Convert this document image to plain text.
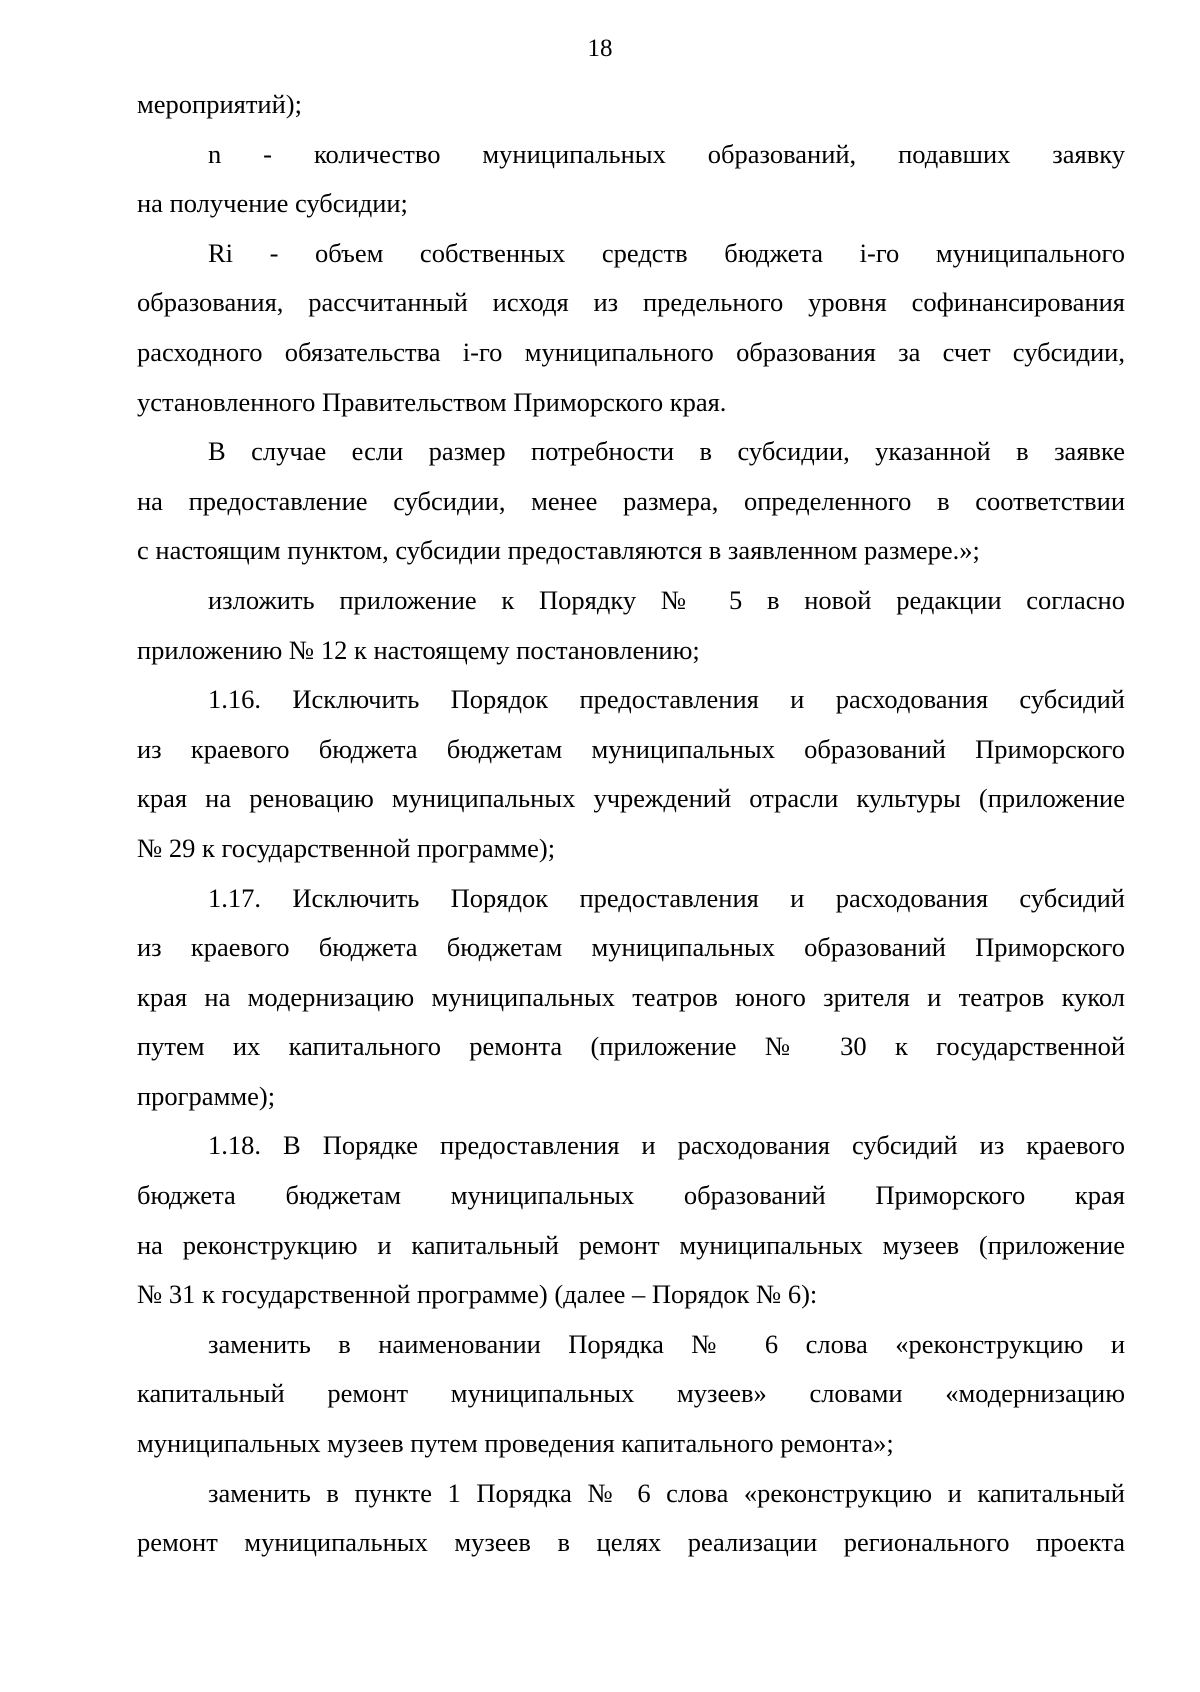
18

мероприятий);

n - количество муниципальных образований, подавших заявку
на получение субсидии;

Ri - объем собственных средств бюджета i-го муниципального
образования, рассчитанный исходя из предельного уровня софинансирования
расходного обязательства i-го муниципального образования за счет субсидии,
установленного Правительством Приморского края.

В случае если размер потребности в субсидии, указанной в заявке
на предоставление субсидии, менее размера, определенного в соответствии
с настоящим пунктом, субсидии предоставляются в заявленном размере.»;

изложить приложение к Порядку № 5 в новой редакции согласно
приложению № 12 к настоящему постановлению;

1.16. Исключить Порядок предоставления и расходования субсидий
из краевого бюджета бюджетам муниципальных образований Приморского
края на реновацию муниципальных учреждений отрасли культуры (приложение
№ 29 к государственной программе);

1.17. Исключить Порядок предоставления и расходования субсидий
из краевого бюджета бюджетам муниципальных образований Приморского
края на модернизацию муниципальных театров юного зрителя и театров кукол
путем их капитального ремонта (приложение № 30 к государственной
программе);

1.18. В Порядке предоставления и расходования субсидий из краевого
бюджета бюджетам муниципальных образований Приморского края
на реконструкцию и капитальный ремонт муниципальных музеев (приложение
№ 31 к государственной программе) (далее – Порядок № 6):

заменить в наименовании Порядка № 6 слова «реконструкцию и
капитальный ремонт муниципальных музеев» словами «модернизацию
муниципальных музеев путем проведения капитального ремонта»;

заменить в пункте 1 Порядка № 6 слова «реконструкцию и капитальный
ремонт муниципальных музеев в целях реализации регионального проекта
